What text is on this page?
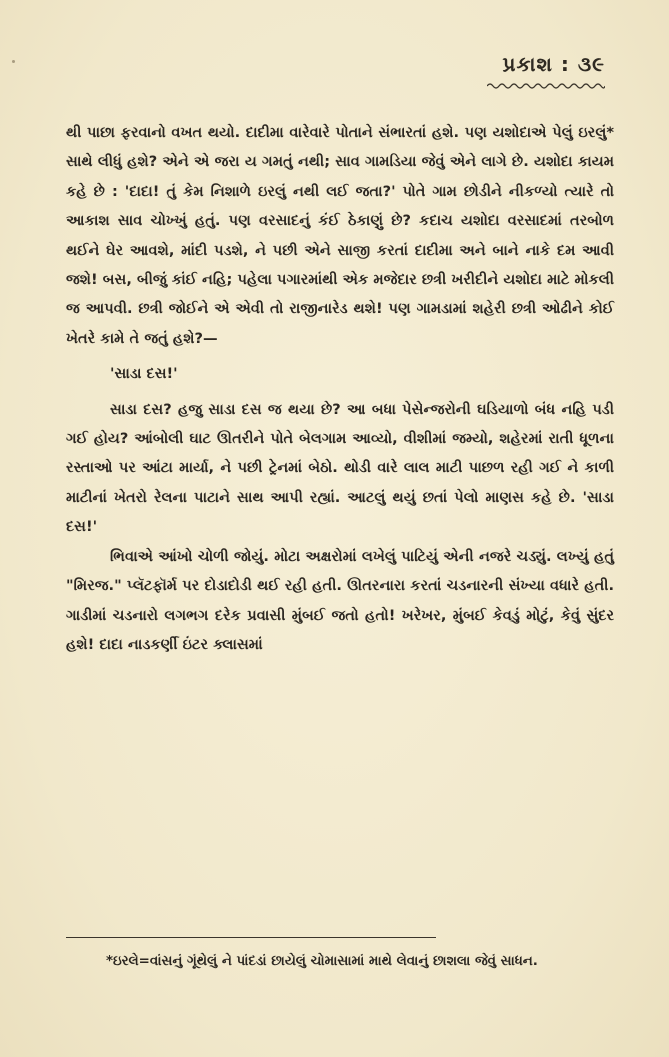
પ્રકાશ : ૩૯

થી પાછા ફરવાનો વખત થયો. દાદીમા વારેવારે પોતાને સંભારતાં હશે. પણ યશોદાએ પેલું ઇરલું* સાથે લીધું હશે? એને એ જરા ય ગમતું નથી; સાવ ગામડિયા જેવું એને લાગે છે. યશોદા કાયમ કહે છે : 'દાદા! તું કેમ નિશાળે ઇરલું નથી લઈ જતા?' પોતે ગામ છોડીને નીકળ્યો ત્યારે તો આકાશ સાવ ચોખ્ખું હતું. પણ વરસાદનું કંઈ ઠેકાણું છે? કદાચ યશોદા વરસાદમાં તરબોળ થઈને ઘેર આવશે, માંદી પડશે, ને પછી એને સાજી કરતાં દાદીમા અને બાને નાકે દમ આવી જશે! બસ, બીજું કાંઈ નહિ; પહેલા પગારમાંથી એક મજેદાર છત્રી ખરીદીને યશોદા માટે મોકલી જ આપવી. છત્રી જોઈને એ એવી તો રાજીનારેડ થશે! પણ ગામડામાં શહેરી છત્રી ઓઢીને કોઈ ખેતરે કામે તે જતું હશે?—

'સાડા દસ!'

સાડા દસ? હજુ સાડા દસ જ થયા છે? આ બધા પેસેન્જરોની ઘડિયાળો બંધ નહિ પડી ગઈ હોય? આંબોલી ઘાટ ઊતરીને પોતે બેલગામ આવ્યો, વીશીમાં જમ્યો, શહેરમાં રાતી ધૂળના રસ્તાઓ પર આંટા માર્યા, ને પછી ટ્રેનમાં બેઠો. થોડી વારે લાલ માટી પાછળ રહી ગઈ ને કાળી માટીનાં ખેતરો રેલના પાટાને સાથ આપી રહ્યાં. આટલું થયું છતાં પેલો માણસ કહે છે. 'સાડા દસ!'

ભિવાએ આંખો ચોળી જોયું. મોટા અક્ષરોમાં લખેલું પાટિયું એની નજરે ચડ્યું. લખ્યું હતું "મિરજ." પ્લૅટફૉર્મ પર દોડાદોડી થઈ રહી હતી. ઊતરનારા કરતાં ચડનારની સંખ્યા વધારે હતી. ગાડીમાં ચડનારો લગભગ દરેક પ્રવાસી મુંબઈ જતો હતો! ખરેખર, મુંબઈ કેવડું મોટું, કેવું સુંદર હશે! દાદા નાડકર્ણી ઇંટર ક્લાસમાં

*ઇરલે=વાંસનું ગૂંથેલું ને પાંદડાં છાયેલું ચોમાસામાં માથે લેવાનું છાશલા જેવું સાધન.
